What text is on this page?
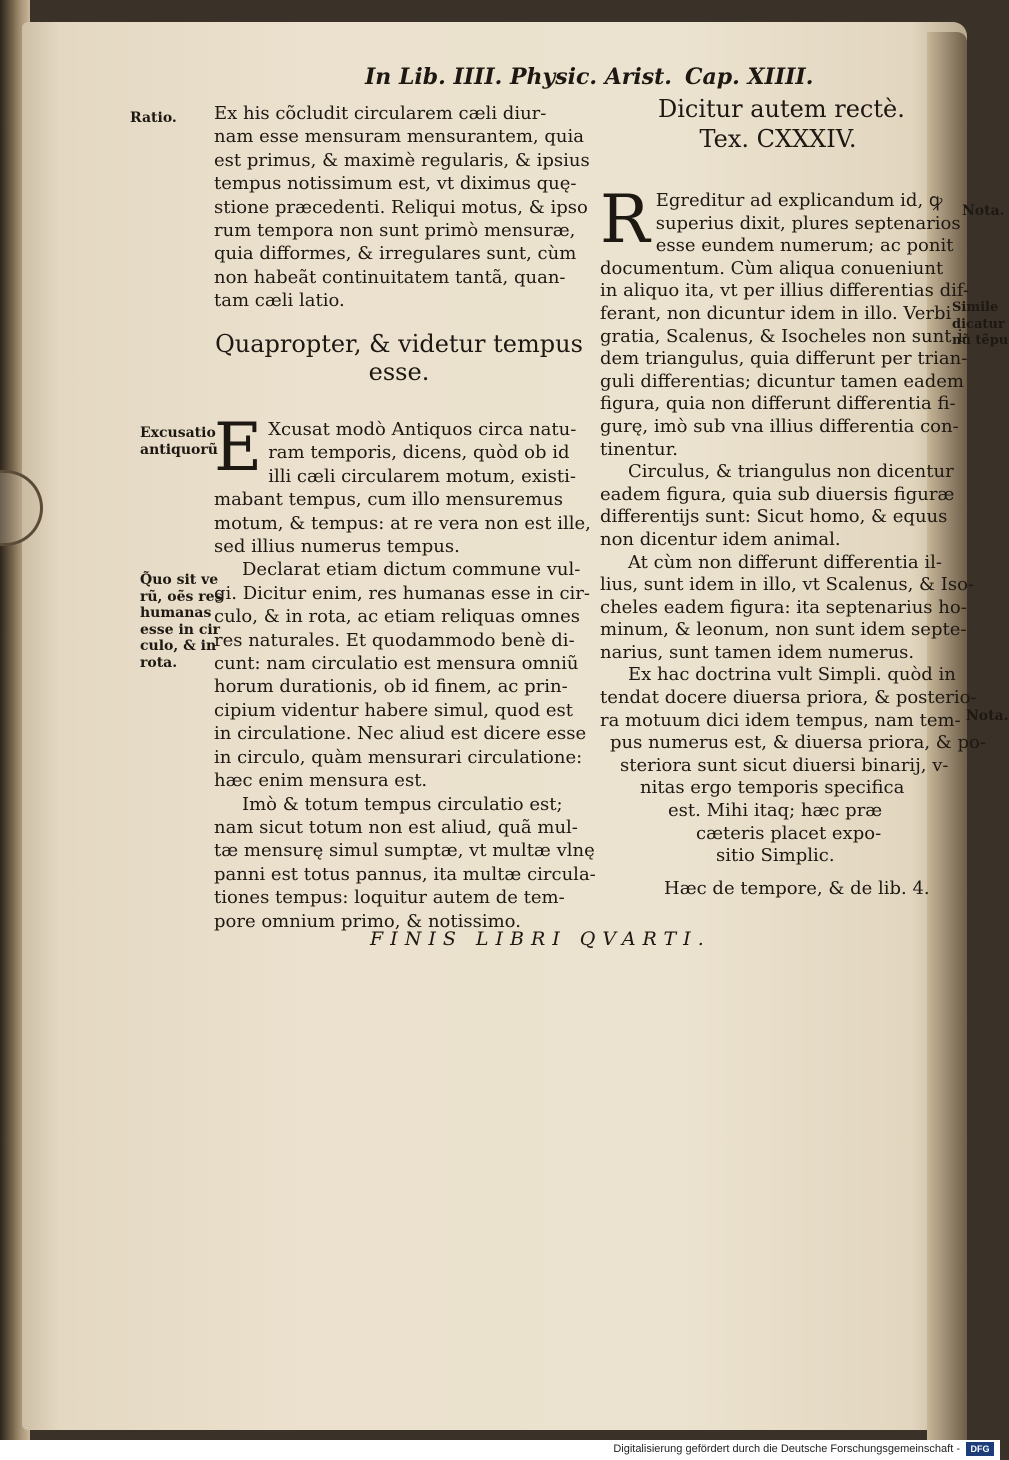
In Lib. IIII. Physic. Arist. Cap. XIIII.
Ratio.
Excusatio
antiquorũ
Q̃uo sit ve
rũ, oẽs res
humanas
esse in cir
culo, & in
rota.
Nota.
Simile
dicatur
nũ tẽpu
Nota.

Ex his cõcludit circularem cæli diur-

nam esse mensuram mensurantem, quia

est primus, & maximè regularis, & ipsius

tempus notissimum est, vt diximus quę-

stione præcedenti. Reliqui motus, & ipso

rum tempora non sunt primò mensuræ,

quia difformes, & irregulares sunt, cùm

non habeãt continuitatem tantã, quan-

tam cæli latio.

Quapropter, & videtur tempus esse.
E Xcusat modò Antiquos circa natu-

ram temporis, dicens, quòd ob id

illi cæli circularem motum, existi-

mabant tempus, cum illo mensuremus

motum, & tempus: at re vera non est ille,

sed illius numerus tempus.

Declarat etiam dictum commune vul-

gi. Dicitur enim, res humanas esse in cir-

culo, & in rota, ac etiam reliquas omnes

res naturales. Et quodammodo benè di-

cunt: nam circulatio est mensura omniũ

horum durationis, ob id finem, ac prin-

cipium videntur habere simul, quod est

in circulatione. Nec aliud est dicere esse

in circulo, quàm mensurari circulatione:

hæc enim mensura est.

Imò & totum tempus circulatio est;

nam sicut totum non est aliud, quã mul-

tæ mensurę simul sumptæ, vt multæ vlnę

panni est totus pannus, ita multæ circula-

tiones tempus: loquitur autem de tem-

pore omnium primo, & notissimo.

Dicitur autem rectè.
Tex. CXXXIV.
R Egreditur ad explicandum id, ꝙ

superius dixit, plures septenarios

esse eundem numerum; ac ponit

documentum. Cùm aliqua conueniunt

in aliquo ita, vt per illius differentias dif-

ferant, non dicuntur idem in illo. Verbi

gratia, Scalenus, & Isocheles non sunt i-

dem triangulus, quia differunt per trian-

guli differentias; dicuntur tamen eadem

figura, quia non differunt differentia fi-

gurę, imò sub vna illius differentia con-

tinentur.

Circulus, & triangulus non dicentur

eadem figura, quia sub diuersis figuræ

differentijs sunt: Sicut homo, & equus

non dicentur idem animal.

At cùm non differunt differentia il-

lius, sunt idem in illo, vt Scalenus, & Iso-

cheles eadem figura: ita septenarius ho-

minum, & leonum, non sunt idem septe-

narius, sunt tamen idem numerus.

Ex hac doctrina vult Simpli. quòd in

tendat docere diuersa priora, & posterio-

ra motuum dici idem tempus, nam tem-

pus numerus est, & diuersa priora, & po-

steriora sunt sicut diuersi binarij, v-

nitas ergo temporis specifica

est. Mihi itaq; hæc præ

cæteris placet expo-

sitio Simplic.

Hæc de tempore, & de lib. 4.

FINIS LIBRI QVARTI.
Digitalisierung gefördert durch die Deutsche Forschungsgemeinschaft -	DFG
